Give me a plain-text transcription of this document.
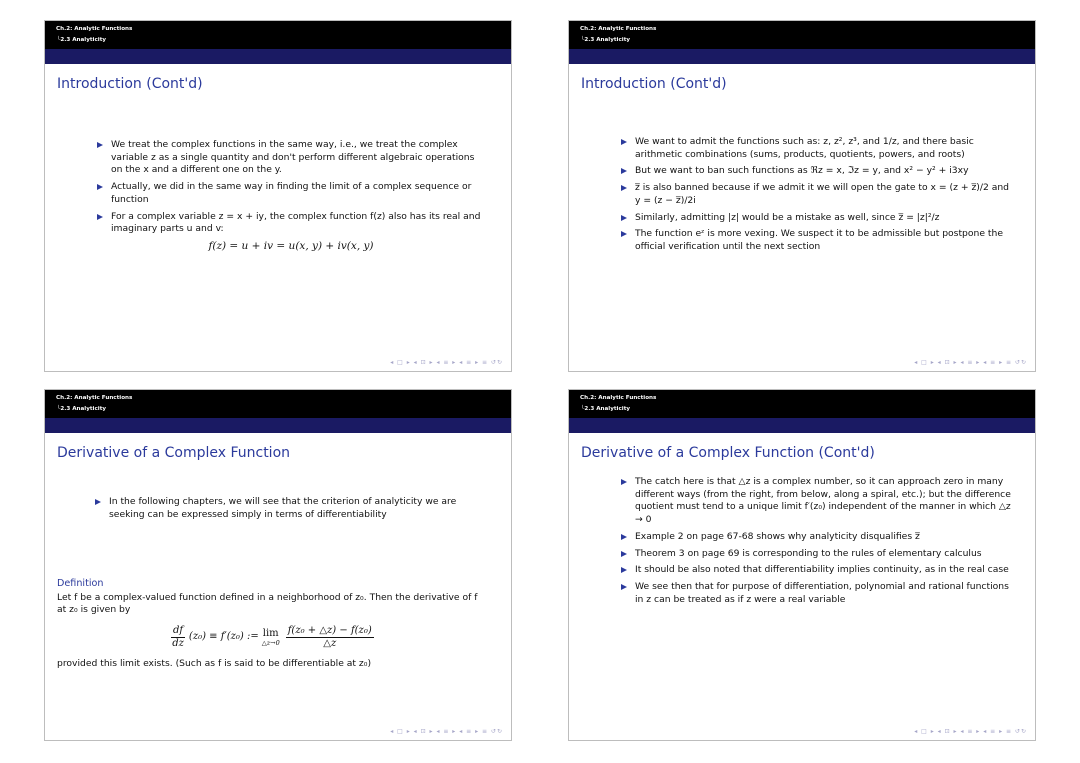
Ch.2: Analytic Functions
└2.3 Analyticity
Introduction (Cont'd)
We treat the complex functions in the same way, i.e., we treat the complex variable z as a single quantity and don't perform different algebraic operations on the x and a different one on the y.
Actually, we did in the same way in finding the limit of a complex sequence or function
For a complex variable z = x + iy, the complex function f(z) also has its real and imaginary parts u and v:
f(z) = u + iv = u(x, y) + iv(x, y)
◂ □ ▸ ◂ ⊡ ▸ ◂ ≡ ▸ ◂ ≡ ▸ ≡ ↺↻
Ch.2: Analytic Functions
└2.3 Analyticity
Introduction (Cont'd)
We want to admit the functions such as: z, z², z³, and 1/z, and there basic arithmetic combinations (sums, products, quotients, powers, and roots)
But we want to ban such functions as ℜz = x, ℑz = y, and x² − y² + i3xy
z̅ is also banned because if we admit it we will open the gate to x = (z + z̅)/2 and y = (z − z̅)/2i
Similarly, admitting |z| would be a mistake as well, since z̅ = |z|²/z
The function eᶻ is more vexing. We suspect it to be admissible but postpone the official verification until the next section
◂ □ ▸ ◂ ⊡ ▸ ◂ ≡ ▸ ◂ ≡ ▸ ≡ ↺↻
Ch.2: Analytic Functions
└2.3 Analyticity
Derivative of a Complex Function
In the following chapters, we will see that the criterion of analyticity we are seeking can be expressed simply in terms of differentiability
Definition
Let f be a complex-valued function defined in a neighborhood of z₀. Then the derivative of f at z₀ is given by
$\frac{df}{dz} (z_0) \equiv f'(z_0)$ := lim
△z→0 $\frac{\text{f(z₀ + △z) − f(z₀)}}{\triangle z}$
provided this limit exists. (Such as f is said to be differentiable at z₀)
◂ □ ▸ ◂ ⊡ ▸ ◂ ≡ ▸ ◂ ≡ ▸ ≡ ↺↻
Ch.2: Analytic Functions
└2.3 Analyticity
Derivative of a Complex Function (Cont'd)
The catch here is that △z is a complex number, so it can approach zero in many different ways (from the right, from below, along a spiral, etc.); but the difference quotient must tend to a unique limit f′(z₀) independent of the manner in which △z → 0
Example 2 on page 67-68 shows why analyticity disqualifies z̅
Theorem 3 on page 69 is corresponding to the rules of elementary calculus
It should be also noted that differentiability implies continuity, as in the real case
We see then that for purpose of differentiation, polynomial and rational functions in z can be treated as if z were a real variable
◂ □ ▸ ◂ ⊡ ▸ ◂ ≡ ▸ ◂ ≡ ▸ ≡ ↺↻
